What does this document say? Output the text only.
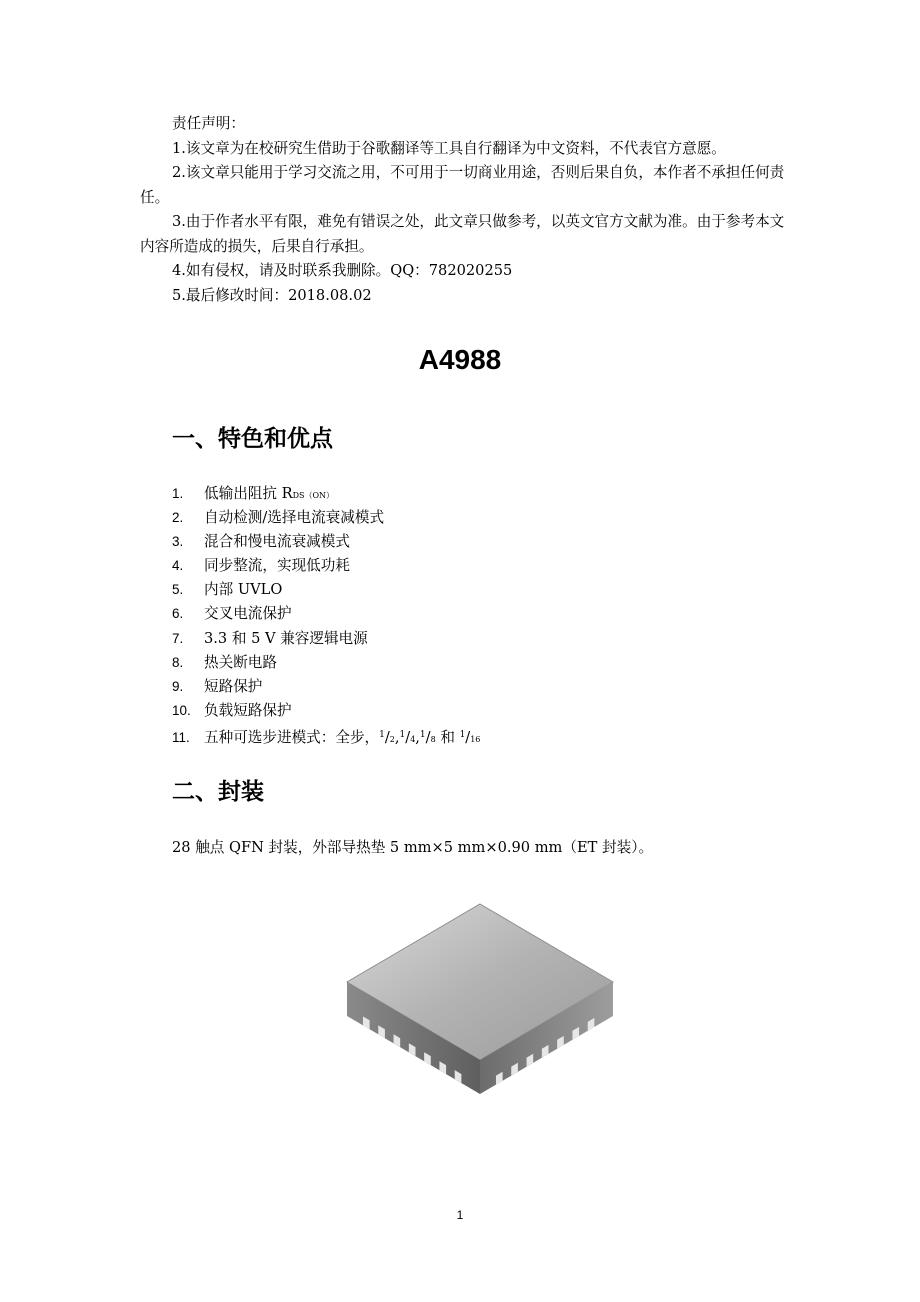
责任声明：

1.该文章为在校研究生借助于谷歌翻译等工具自行翻译为中文资料，不代表官方意愿。

2.该文章只能用于学习交流之用，不可用于一切商业用途，否则后果自负，本作者不承担任何责任。

3.由于作者水平有限，难免有错误之处，此文章只做参考，以英文官方文献为准。由于参考本文内容所造成的损失，后果自行承担。

4.如有侵权，请及时联系我删除。QQ：782020255

5.最后修改时间：2018.08.02

A4988
一、特色和优点
1. 低输出阻抗 RDS（ON）
2. 自动检测/选择电流衰减模式
3. 混合和慢电流衰减模式
4. 同步整流，实现低功耗
5. 内部 UVLO
6. 交叉电流保护
7. 3.3 和 5 V 兼容逻辑电源
8. 热关断电路
9. 短路保护
10. 负载短路保护
11. 五种可选步进模式：全步，$^1$/2,$^1$/4,$^1$/8 和 $^1$/16
二、封装
28 触点 QFN 封装，外部导热垫 5 mm×5 mm×0.90 mm（ET 封装）。
1
